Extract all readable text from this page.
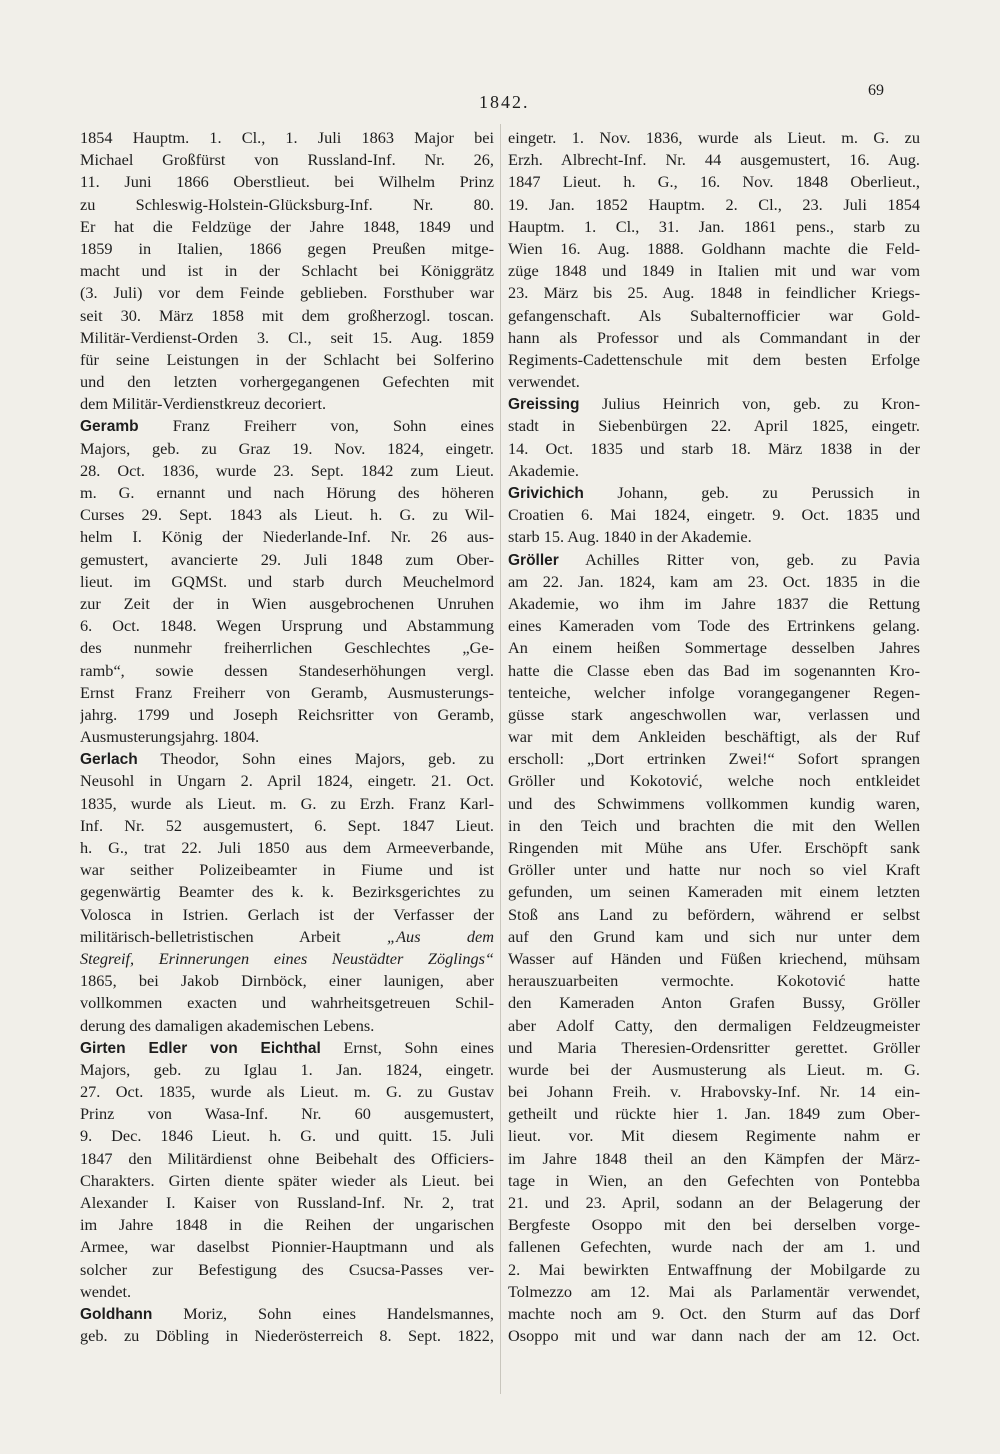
69
1842.
1854 Hauptm. 1. Cl., 1. Juli 1863 Major bei
Michael Großfürst von Russland-Inf. Nr. 26,
11. Juni 1866 Oberstlieut. bei Wilhelm Prinz
zu Schleswig-Holstein-Glücksburg-Inf. Nr. 80.
Er hat die Feldzüge der Jahre 1848, 1849 und
1859 in Italien, 1866 gegen Preußen mitge-
macht und ist in der Schlacht bei Königgrätz
(3. Juli) vor dem Feinde geblieben. Forsthuber war
seit 30. März 1858 mit dem großherzogl. toscan.
Militär-Verdienst-Orden 3. Cl., seit 15. Aug. 1859
für seine Leistungen in der Schlacht bei Solferino
und den letzten vorhergegangenen Gefechten mit
dem Militär-Verdienstkreuz decoriert.
Geramb Franz Freiherr von, Sohn eines
Majors, geb. zu Graz 19. Nov. 1824, eingetr.
28. Oct. 1836, wurde 23. Sept. 1842 zum Lieut.
m. G. ernannt und nach Hörung des höheren
Curses 29. Sept. 1843 als Lieut. h. G. zu Wil-
helm I. König der Niederlande-Inf. Nr. 26 aus-
gemustert, avancierte 29. Juli 1848 zum Ober-
lieut. im GQMSt. und starb durch Meuchelmord
zur Zeit der in Wien ausgebrochenen Unruhen
6. Oct. 1848. Wegen Ursprung und Abstammung
des nunmehr freiherrlichen Geschlechtes „Ge-
ramb“, sowie dessen Standeserhöhungen vergl.
Ernst Franz Freiherr von Geramb, Ausmusterungs-
jahrg. 1799 und Joseph Reichsritter von Geramb,
Ausmusterungsjahrg. 1804.
Gerlach Theodor, Sohn eines Majors, geb. zu
Neusohl in Ungarn 2. April 1824, eingetr. 21. Oct.
1835, wurde als Lieut. m. G. zu Erzh. Franz Karl-
Inf. Nr. 52 ausgemustert, 6. Sept. 1847 Lieut.
h. G., trat 22. Juli 1850 aus dem Armeeverbande,
war seither Polizeibeamter in Fiume und ist
gegenwärtig Beamter des k. k. Bezirksgerichtes zu
Volosca in Istrien. Gerlach ist der Verfasser der
militärisch-belletristischen Arbeit „Aus dem
Stegreif, Erinnerungen eines Neustädter Zöglings“
1865, bei Jakob Dirnböck, einer launigen, aber
vollkommen exacten und wahrheitsgetreuen Schil-
derung des damaligen akademischen Lebens.
Girten Edler von Eichthal Ernst, Sohn eines
Majors, geb. zu Iglau 1. Jan. 1824, eingetr.
27. Oct. 1835, wurde als Lieut. m. G. zu Gustav
Prinz von Wasa-Inf. Nr. 60 ausgemustert,
9. Dec. 1846 Lieut. h. G. und quitt. 15. Juli
1847 den Militärdienst ohne Beibehalt des Officiers-
Charakters. Girten diente später wieder als Lieut. bei
Alexander I. Kaiser von Russland-Inf. Nr. 2, trat
im Jahre 1848 in die Reihen der ungarischen
Armee, war daselbst Pionnier-Hauptmann und als
solcher zur Befestigung des Csucsa-Passes ver-
wendet.
Goldhann Moriz, Sohn eines Handelsmannes,
geb. zu Döbling in Niederösterreich 8. Sept. 1822,
eingetr. 1. Nov. 1836, wurde als Lieut. m. G. zu
Erzh. Albrecht-Inf. Nr. 44 ausgemustert, 16. Aug.
1847 Lieut. h. G., 16. Nov. 1848 Oberlieut.,
19. Jan. 1852 Hauptm. 2. Cl., 23. Juli 1854
Hauptm. 1. Cl., 31. Jan. 1861 pens., starb zu
Wien 16. Aug. 1888. Goldhann machte die Feld-
züge 1848 und 1849 in Italien mit und war vom
23. März bis 25. Aug. 1848 in feindlicher Kriegs-
gefangenschaft. Als Subalternofficier war Gold-
hann als Professor und als Commandant in der
Regiments-Cadettenschule mit dem besten Erfolge
verwendet.
Greissing Julius Heinrich von, geb. zu Kron-
stadt in Siebenbürgen 22. April 1825, eingetr.
14. Oct. 1835 und starb 18. März 1838 in der
Akademie.
Grivichich Johann, geb. zu Perussich in
Croatien 6. Mai 1824, eingetr. 9. Oct. 1835 und
starb 15. Aug. 1840 in der Akademie.
Gröller Achilles Ritter von, geb. zu Pavia
am 22. Jan. 1824, kam am 23. Oct. 1835 in die
Akademie, wo ihm im Jahre 1837 die Rettung
eines Kameraden vom Tode des Ertrinkens gelang.
An einem heißen Sommertage desselben Jahres
hatte die Classe eben das Bad im sogenannten Kro-
tenteiche, welcher infolge vorangegangener Regen-
güsse stark angeschwollen war, verlassen und
war mit dem Ankleiden beschäftigt, als der Ruf
erscholl: „Dort ertrinken Zwei!“ Sofort sprangen
Gröller und Kokotović, welche noch entkleidet
und des Schwimmens vollkommen kundig waren,
in den Teich und brachten die mit den Wellen
Ringenden mit Mühe ans Ufer. Erschöpft sank
Gröller unter und hatte nur noch so viel Kraft
gefunden, um seinen Kameraden mit einem letzten
Stoß ans Land zu befördern, während er selbst
auf den Grund kam und sich nur unter dem
Wasser auf Händen und Füßen kriechend, mühsam
herauszuarbeiten vermochte. Kokotović hatte
den Kameraden Anton Grafen Bussy, Gröller
aber Adolf Catty, den dermaligen Feldzeugmeister
und Maria Theresien-Ordensritter gerettet. Gröller
wurde bei der Ausmusterung als Lieut. m. G.
bei Johann Freih. v. Hrabovsky-Inf. Nr. 14 ein-
getheilt und rückte hier 1. Jan. 1849 zum Ober-
lieut. vor. Mit diesem Regimente nahm er
im Jahre 1848 theil an den Kämpfen der März-
tage in Wien, an den Gefechten von Pontebba
21. und 23. April, sodann an der Belagerung der
Bergfeste Osoppo mit den bei derselben vorge-
fallenen Gefechten, wurde nach der am 1. und
2. Mai bewirkten Entwaffnung der Mobilgarde zu
Tolmezzo am 12. Mai als Parlamentär verwendet,
machte noch am 9. Oct. den Sturm auf das Dorf
Osoppo mit und war dann nach der am 12. Oct.
